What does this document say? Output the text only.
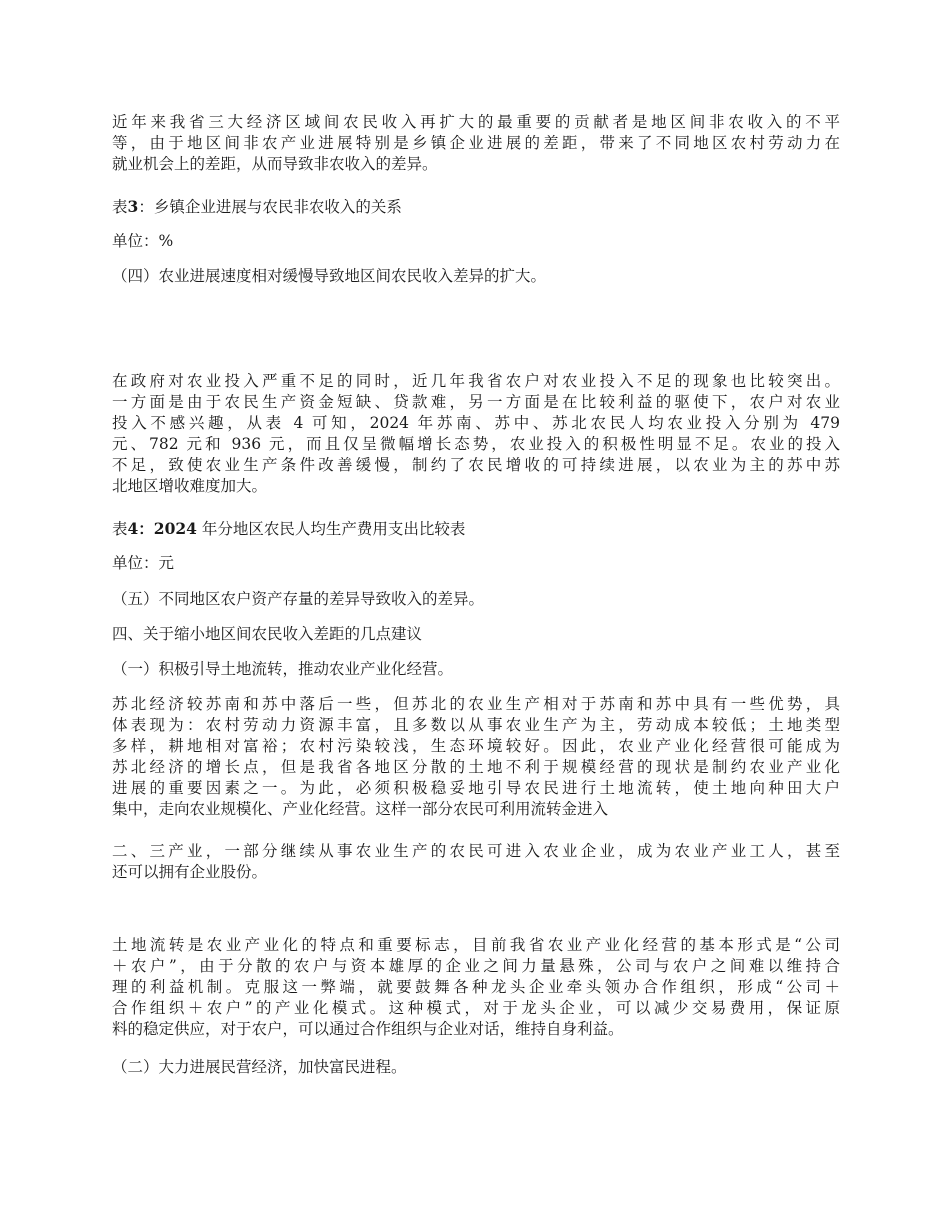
近年来我省三大经济区域间农民收入再扩大的最重要的贡献者是地区间非农收入的不平
等，由于地区间非农产业进展特别是乡镇企业进展的差距，带来了不同地区农村劳动力在
就业机会上的差距，从而导致非农收入的差异。
表3：乡镇企业进展与农民非农收入的关系
单位：%
（四）农业进展速度相对缓慢导致地区间农民收入差异的扩大。
在政府对农业投入严重不足的同时，近几年我省农户对农业投入不足的现象也比较突出。
一方面是由于农民生产资金短缺、贷款难，另一方面是在比较利益的驱使下，农户对农业
投入不感兴趣，从表 4 可知，2024 年苏南、苏中、苏北农民人均农业投入分别为 479
元、782 元和 936 元，而且仅呈微幅增长态势，农业投入的积极性明显不足。农业的投入
不足，致使农业生产条件改善缓慢，制约了农民增收的可持续进展，以农业为主的苏中苏
北地区增收难度加大。
表4：2024 年分地区农民人均生产费用支出比较表
单位：元
（五）不同地区农户资产存量的差异导致收入的差异。
四、关于缩小地区间农民收入差距的几点建议
（一）积极引导土地流转，推动农业产业化经营。
苏北经济较苏南和苏中落后一些，但苏北的农业生产相对于苏南和苏中具有一些优势，具
体表现为：农村劳动力资源丰富，且多数以从事农业生产为主，劳动成本较低；土地类型
多样，耕地相对富裕；农村污染较浅，生态环境较好。因此，农业产业化经营很可能成为
苏北经济的增长点，但是我省各地区分散的土地不利于规模经营的现状是制约农业产业化
进展的重要因素之一。为此，必须积极稳妥地引导农民进行土地流转，使土地向种田大户
集中，走向农业规模化、产业化经营。这样一部分农民可利用流转金进入
二、三产业，一部分继续从事农业生产的农民可进入农业企业，成为农业产业工人，甚至
还可以拥有企业股份。
土地流转是农业产业化的特点和重要标志，目前我省农业产业化经营的基本形式是“公司
＋农户”，由于分散的农户与资本雄厚的企业之间力量悬殊，公司与农户之间难以维持合
理的利益机制。克服这一弊端，就要鼓舞各种龙头企业牵头领办合作组织，形成“公司＋
合作组织＋农户”的产业化模式。这种模式，对于龙头企业，可以减少交易费用，保证原
料的稳定供应，对于农户，可以通过合作组织与企业对话，维持自身利益。
（二）大力进展民营经济，加快富民进程。
